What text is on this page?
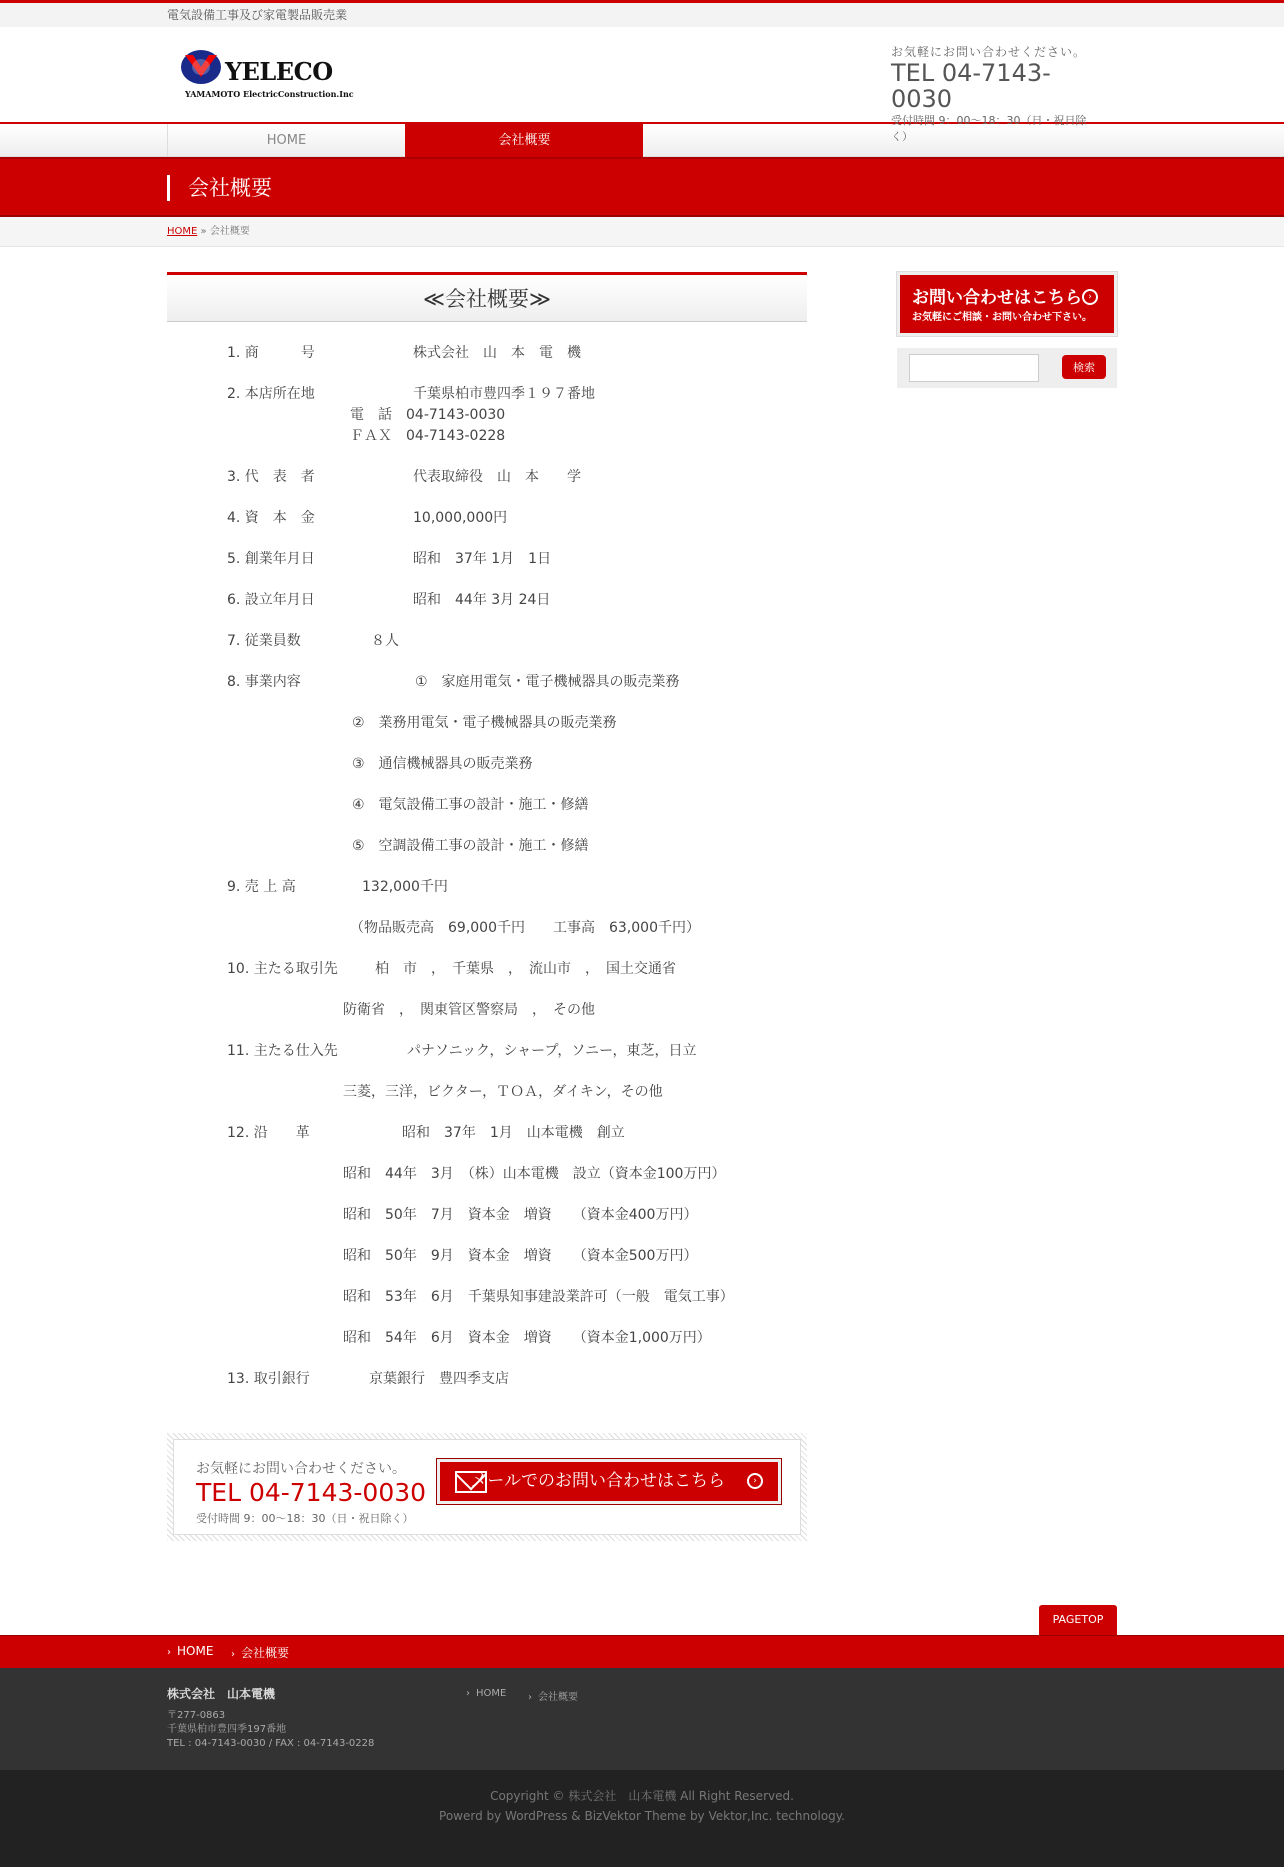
電気設備工事及び家電製品販売業
YELECO
YAMAMOTO ElectricConstruction.Inc
お気軽にお問い合わせください。
TEL 04-7143-0030
受付時間 9：00〜18：30（日・祝日除く）
HOME	会社概要
会社概要
HOME » 会社概要
≪会社概要≫
1. 商　　　号	株式会社　山　本　電　機
2. 本店所在地	千葉県柏市豊四季１９７番地
電　話　04-7143-0030
ＦＡＸ　04-7143-0228
3. 代　表　者	代表取締役　山　本　　学
4. 資　本　金	10,000,000円
5. 創業年月日	昭和　37年 1月　1日
6. 設立年月日	昭和　44年 3月 24日
7. 従業員数	８人
8. 事業内容	①　家庭用電気・電子機械器具の販売業務
②　業務用電気・電子機械器具の販売業務
③　通信機械器具の販売業務
④　電気設備工事の設計・施工・修繕
⑤　空調設備工事の設計・施工・修繕
9. 売 上 高	132,000千円
（物品販売高　69,000千円　　工事高　63,000千円）
10. 主たる取引先	柏　市　，　千葉県　，　流山市　，　国土交通省
防衛省　，　関東管区警察局　，　その他
11. 主たる仕入先	パナソニック，シャープ，ソニー，東芝，日立
三菱，三洋，ビクター，ＴＯＡ，ダイキン，その他
12. 沿　　革	昭和　37年　1月　山本電機　創立
昭和　44年　3月　（株）山本電機　設立（資本金100万円）
昭和　50年　7月　資本金　増資　　（資本金400万円）
昭和　50年　9月　資本金　増資　　（資本金500万円）
昭和　53年　6月　千葉県知事建設業許可（一般　電気工事）
昭和　54年　6月　資本金　増資　　（資本金1,000万円）
13. 取引銀行	京葉銀行　豊四季支店
お気軽にお問い合わせください。
TEL 04-7143-0030
受付時間 9：00〜18：30（日・祝日除く）
メールでのお問い合わせはこちら	›
お問い合わせはこちら
お気軽にご相談・お問い合わせ下さい。
›
検索
PAGETOP
› HOME	› 会社概要
株式会社　山本電機
〒277-0863
千葉県柏市豊四季197番地
TEL : 04-7143-0030 / FAX : 04-7143-0228
› HOME	› 会社概要

Copyright © 株式会社　山本電機 All Right Reserved.

Powerd by WordPress & BizVektor Theme by Vektor,Inc. technology.
